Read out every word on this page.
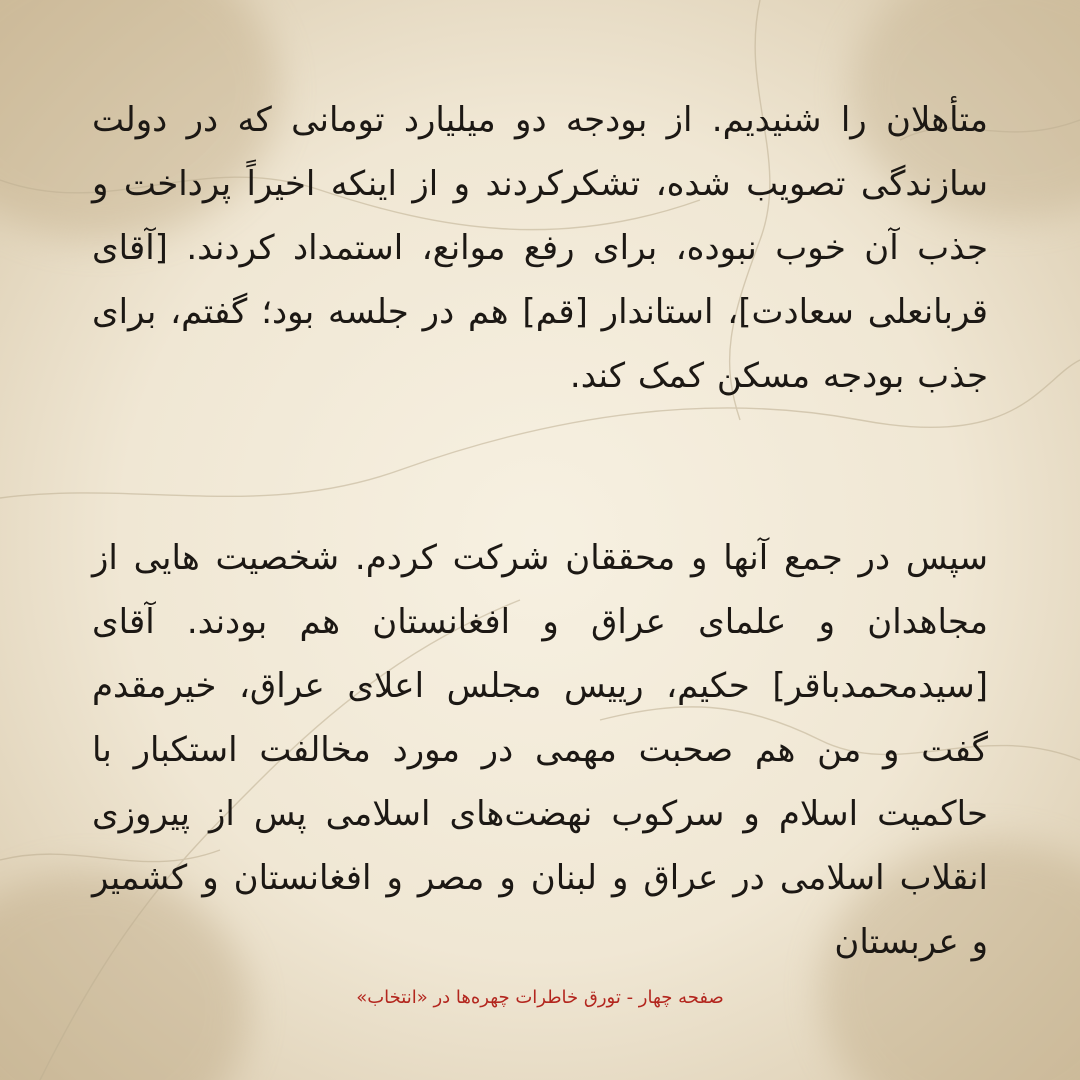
متأهلان را شنیدیم. از بودجه دو میلیارد تومانی که در دولت سازندگی تصویب شده، تشکرکردند و از اینکه اخیراً پرداخت و جذب آن خوب نبوده، برای رفع موانع، استمداد کردند. [آقای قربانعلی سعادت]، استاندار [قم] هم در جلسه بود؛ گفتم، برای جذب بودجه مسکن کمک کند.
سپس در جمع آنها و محققان شرکت کردم. شخصیت هایی از مجاهدان و علمای عراق و افغانستان هم بودند. آقای [سیدمحمدباقر] حکیم، رییس مجلس اعلای عراق، خیرمقدم گفت و من هم صحبت مهمی در مورد مخالفت استکبار با حاکمیت اسلام و سرکوب نهضت‌های اسلامی پس از پیروزی انقلاب اسلامی در عراق و لبنان و مصر و افغانستان و کشمیر و عربستان
صفحه چهار - تورق خاطرات چهره‌ها در «انتخاب»
